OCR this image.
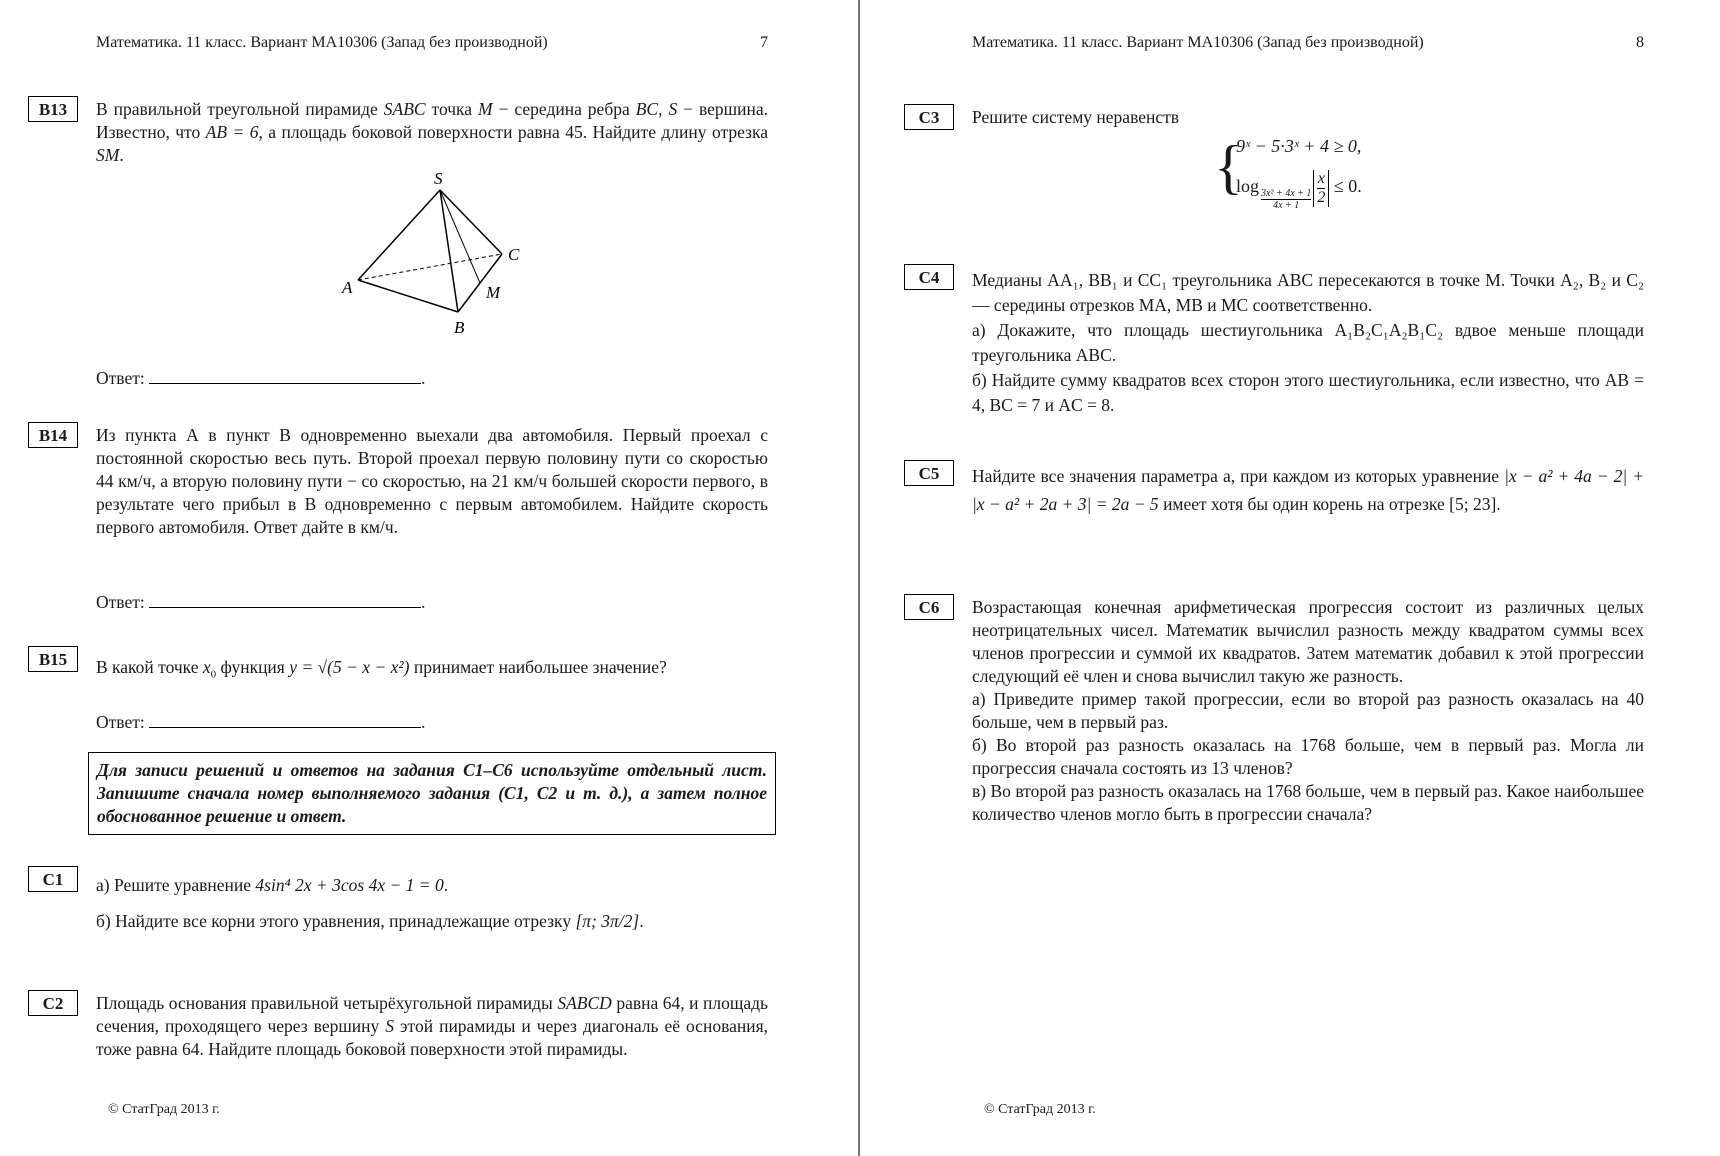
Математика. 11 класс. Вариант МА10306 (Запад без производной)	7
B13	В правильной треугольной пирамиде SABC точка M − середина ребра BC, S − вершина. Известно, что AB = 6, а площадь боковой поверхности равна 45. Найдите длину отрезка SM.
S
A
B
C
M
Ответ:	.
B14	Из пункта А в пункт В одновременно выехали два автомобиля. Первый проехал с постоянной скоростью весь путь. Второй проехал первую половину пути со скоростью 44 км/ч, а вторую половину пути − со скоростью, на 21 км/ч большей скорости первого, в результате чего прибыл в В одновременно с первым автомобилем. Найдите скорость первого автомобиля. Ответ дайте в км/ч.
Ответ:	.
B15	В какой точке $x_0$ функция y = √(5 − x − x²) принимает наибольшее значение?
Ответ:	.
Для записи решений и ответов на задания С1–С6 используйте отдельный лист. Запишите сначала номер выполняемого задания (С1, С2 и т. д.), а затем полное обоснованное решение и ответ.
C1	а) Решите уравнение 4sin⁴ 2x + 3cos 4x − 1 = 0.
б) Найдите все корни этого уравнения, принадлежащие отрезку [π; 3π/2].
C2	Площадь основания правильной четырёхугольной пирамиды SABCD равна 64, и площадь сечения, проходящего через вершину S этой пирамиды и через диагональ её основания, тоже равна 64. Найдите площадь боковой поверхности этой пирамиды.
© СтатГрад 2013 г.
Математика. 11 класс. Вариант МА10306 (Запад без производной)	8
C3	Решите систему неравенств
{
9ˣ − 5·3ˣ + 4 ≥ 0,
log
$\frac{\text{3x² + 4x + 1}}{4x + 1} \frac{x}{2} \le 0$.
C4	Медианы AA₁, BB₁ и CC₁ треугольника ABC пересекаются в точке M. Точки A₂, B₂ и C₂ — середины отрезков MA, MB и MC соответственно.
а) Докажите, что площадь шестиугольника A₁B₂C₁A₂B₁C₂ вдвое меньше площади треугольника ABC.
б) Найдите сумму квадратов всех сторон этого шестиугольника, если известно, что AB = 4, BC = 7 и AC = 8.
C5	Найдите все значения параметра a, при каждом из которых уравнение |x − a² + 4a − 2| + |x − a² + 2a + 3| = 2a − 5 имеет хотя бы один корень на отрезке [5; 23].
C6	Возрастающая конечная арифметическая прогрессия состоит из различных целых неотрицательных чисел. Математик вычислил разность между квадратом суммы всех членов прогрессии и суммой их квадратов. Затем математик добавил к этой прогрессии следующий её член и снова вычислил такую же разность.
а) Приведите пример такой прогрессии, если во второй раз разность оказалась на 40 больше, чем в первый раз.
б) Во второй раз разность оказалась на 1768 больше, чем в первый раз. Могла ли прогрессия сначала состоять из 13 членов?
в) Во второй раз разность оказалась на 1768 больше, чем в первый раз. Какое наибольшее количество членов могло быть в прогрессии сначала?
© СтатГрад 2013 г.
